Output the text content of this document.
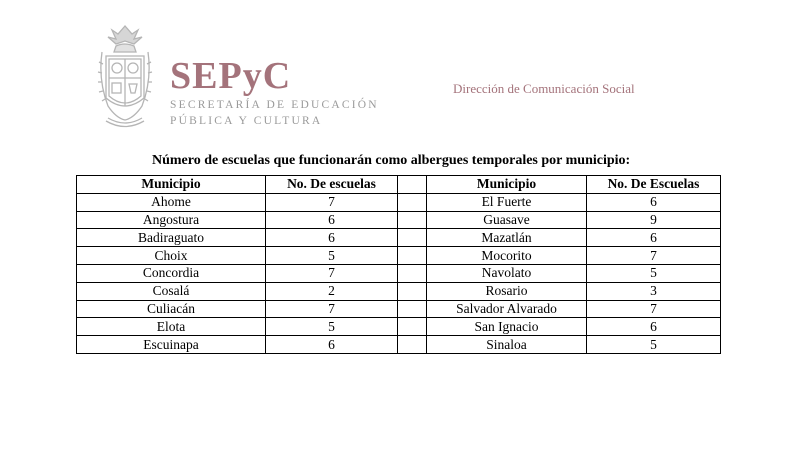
SEPyC
SECRETARÍA DE EDUCACIÓN
PÚBLICA Y CULTURA
Dirección de Comunicación Social
Número de escuelas que funcionarán como albergues temporales por municipio:
Municipio	No. De escuelas		Municipio	No. De Escuelas
Ahome	7		El Fuerte	6
Angostura	6		Guasave	9
Badiraguato	6		Mazatlán	6
Choix	5		Mocorito	7
Concordia	7		Navolato	5
Cosalá	2		Rosario	3
Culiacán	7		Salvador Alvarado	7
Elota	5		San Ignacio	6
Escuinapa	6		Sinaloa	5
